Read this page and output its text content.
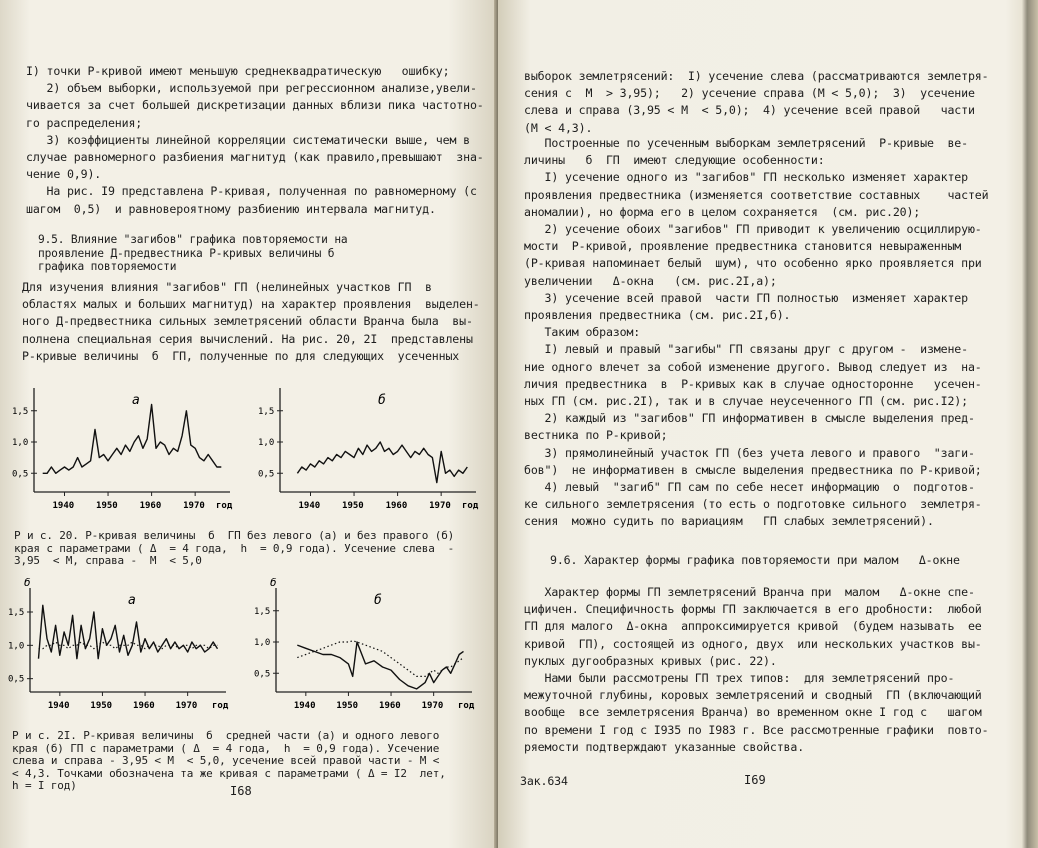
I) точки Р-кривой имеют меньшую среднеквадратическую   ошибку;
2) объем выборки, используемой при регрессионном анализе,увели-
чивается за счет большей дискретизации данных вблизи пика частотно-
го распределения;
3) коэффициенты линейной корреляции систематически выше, чем в
случае равномерного разбиения магнитуд (как правило,превышают  зна-
чение 0,9).
На рис. I9 представлена Р-кривая, полученная по равномерному (с
шагом  0,5)  и равновероятному разбиению интервала магнитуд.
9.5. Влияние "загибов" графика повторяемости на
проявление Д-предвестника Р-кривых величины б
графика повторяемости
Для изучения влияния "загибов" ГП (нелинейных участков ГП  в
областях малых и больших магнитуд) на характер проявления  выделен-
ного Д-предвестника сильных землетрясений области Вранча была  вы-
полнена специальная серия вычислений. На рис. 20, 2I  представлены
Р-кривые величины  б  ГП, полученные по для следующих  усеченных
1,5
1,0
0,5
1940 1950 1960 1970 год
а
1,5
1,0
0,5
1940 1950 1960 1970 год
б
Р и с. 20. Р-кривая величины  б  ГП без левого (а) и без правого (б)
края с параметрами ( Δ  = 4 года,  h  = 0,9 года). Усечение слева  -
3,95  < М, справа -  М  < 5,0
1,5
1,0
0,5
1940 1950 1960 1970 год
а
б
1,5
1,0
0,5
1940 1950 1960 1970 год
б
б
Р и с. 2I. Р-кривая величины  б  средней части (а) и одного левого
края (б) ГП с параметрами ( Δ  = 4 года,  h  = 0,9 года). Усечение
слева и справа - 3,95 < М  < 5,0, усечение всей правой части - М <
< 4,3. Точками обозначена та же кривая с параметрами ( Δ = I2  лет,
h = I год)	I68
выборок землетрясений:  I) усечение слева (рассматриваются землетря-
сения с  М  > 3,95);   2) усечение справа (М < 5,0);  3)  усечение
слева и справа (3,95 < М  < 5,0);  4) усечение всей правой   части
(М < 4,3).
Построенные по усеченным выборкам землетрясений  Р-кривые  ве-
личины   б  ГП  имеют следующие особенности:
I) усечение одного из "загибов" ГП несколько изменяет характер
проявления предвестника (изменяется соответствие составных    частей
аномалии), но форма его в целом сохраняется  (см. рис.20);
2) усечение обоих "загибов" ГП приводит к увеличению осциллирую-
мости  Р-кривой, проявление предвестника становится невыраженным
(Р-кривая напоминает белый  шум), что особенно ярко проявляется при
увеличении   Δ-окна   (см. рис.2I,а);
3) усечение всей правой  части ГП полностью  изменяет характер
проявления предвестника (см. рис.2I,б).
Таким образом:
I) левый и правый "загибы" ГП связаны друг с другом -  измене-
ние одного влечет за собой изменение другого. Вывод следует из  на-
личия предвестника  в  Р-кривых как в случае односторонне   усечен-
ных ГП (см. рис.2I), так и в случае неусеченного ГП (см. рис.I2);
2) каждый из "загибов" ГП информативен в смысле выделения пред-
вестника по Р-кривой;
3) прямолинейный участок ГП (без учета левого и правого  "заги-
бов")  не информативен в смысле выделения предвестника по Р-кривой;
4) левый  "загиб" ГП сам по себе несет информацию  о  подготов-
ке сильного землетрясения (то есть о подготовке сильного  землетря-
сения  можно судить по вариациям   ГП слабых землетрясений).
9.6. Характер формы графика повторяемости при малом   Δ-окне
Характер формы ГП землетрясений Вранча при  малом   Δ-окне спе-
цифичен. Специфичность формы ГП заключается в его дробности:  любой
ГП для малого  Δ-окна  аппроксимируется кривой  (будем называть  ее
кривой  ГП), состоящей из одного, двух  или нескольких участков вы-
пуклых дугообразных кривых (рис. 22).
Нами были рассмотрены ГП трех типов:  для землетрясений про-
межуточной глубины, коровых землетрясений и сводный  ГП (включающий
вообще  все землетрясения Вранча) во временном окне I год с   шагом
по времени I год с I935 по I983 г. Все рассмотренные графики  повто-
ряемости подтверждают указанные свойства.
Зак.634	I69
